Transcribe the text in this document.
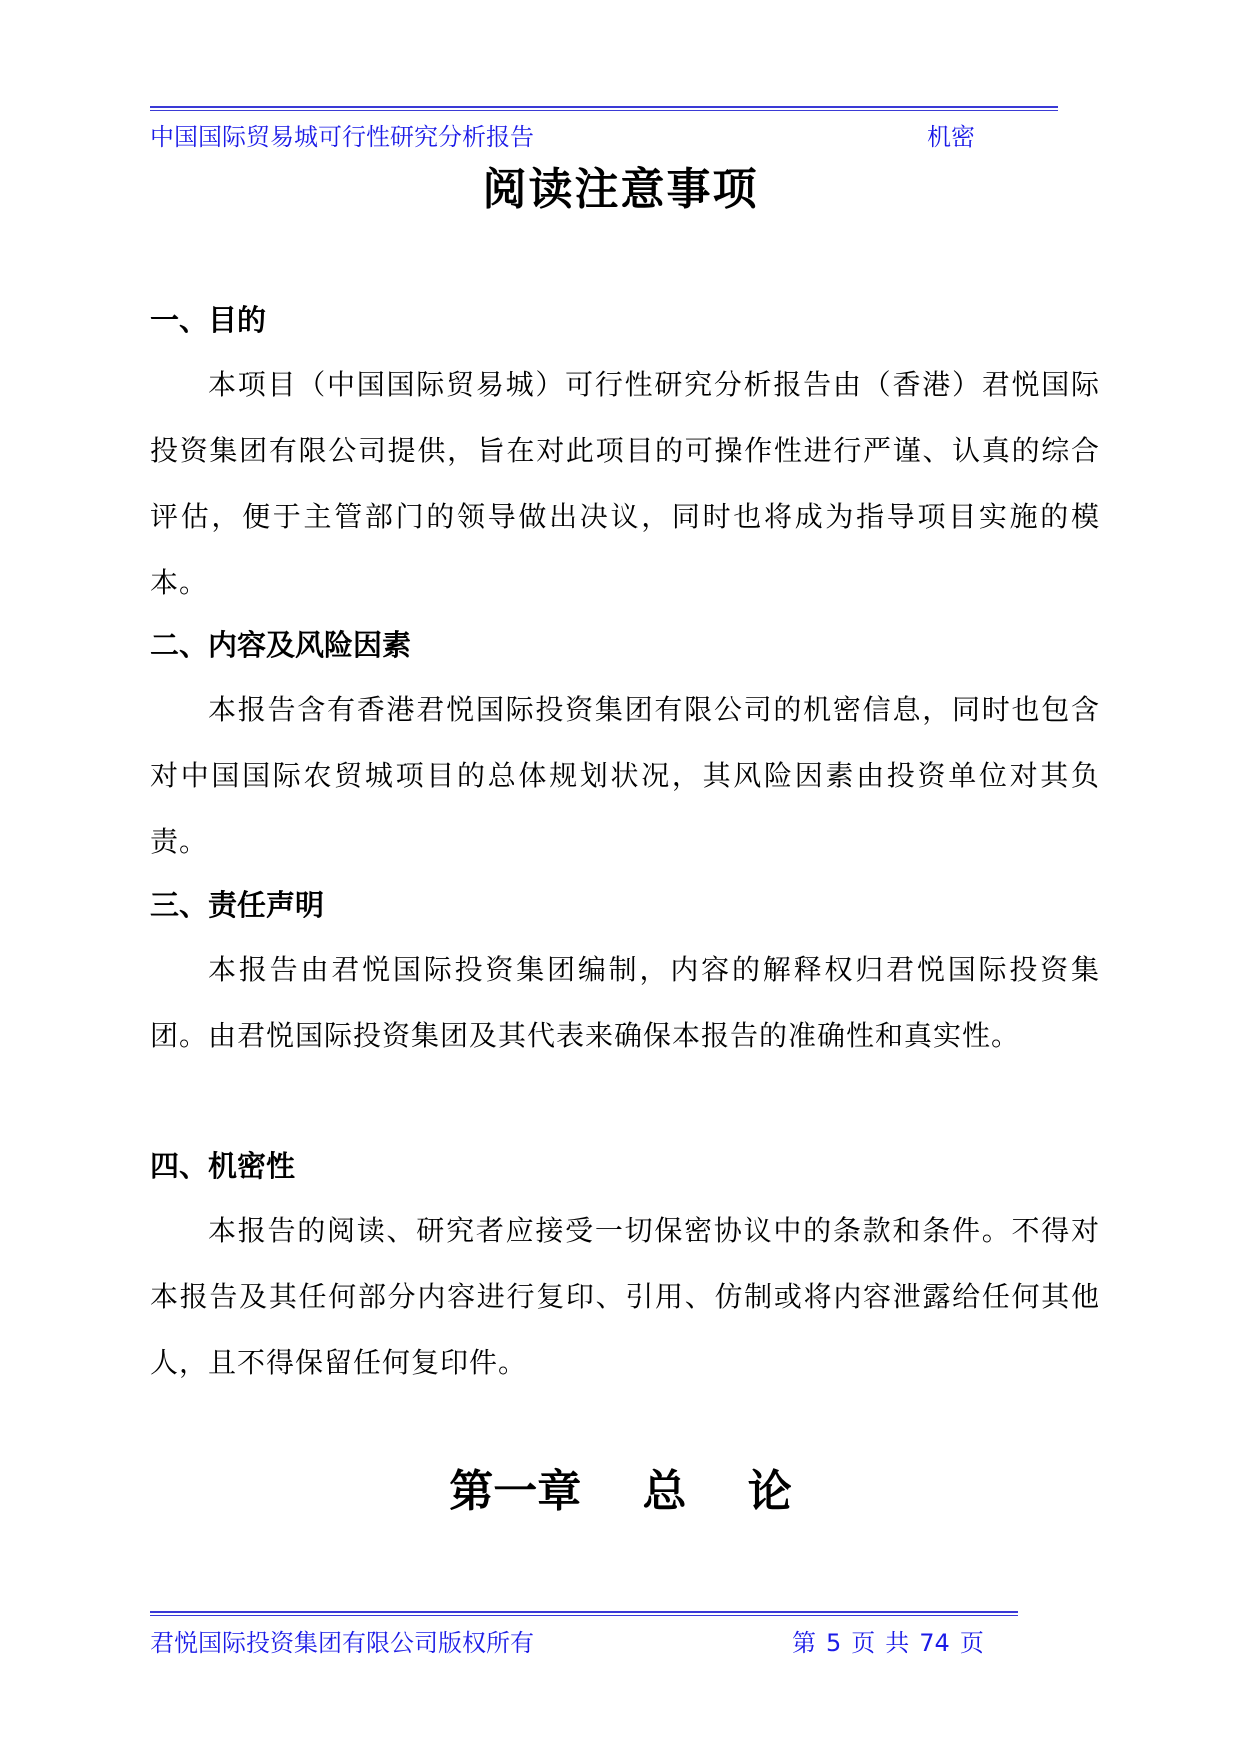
中国国际贸易城可行性研究分析报告	机密
阅读注意事项
一、目的

本项目（中国国际贸易城）可行性研究分析报告由（香港）君悦国际投资集团有限公司提供，旨在对此项目的可操作性进行严谨、认真的综合评估，便于主管部门的领导做出决议，同时也将成为指导项目实施的模本。

二、内容及风险因素

本报告含有香港君悦国际投资集团有限公司的机密信息，同时也包含对中国国际农贸城项目的总体规划状况，其风险因素由投资单位对其负责。

三、责任声明

本报告由君悦国际投资集团编制，内容的解释权归君悦国际投资集团。由君悦国际投资集团及其代表来确保本报告的准确性和真实性。

四、机密性

本报告的阅读、研究者应接受一切保密协议中的条款和条件。不得对本报告及其任何部分内容进行复印、引用、仿制或将内容泄露给任何其他人，且不得保留任何复印件。

第一章    总    论
君悦国际投资集团有限公司版权所有	第 5 页 共 74 页
